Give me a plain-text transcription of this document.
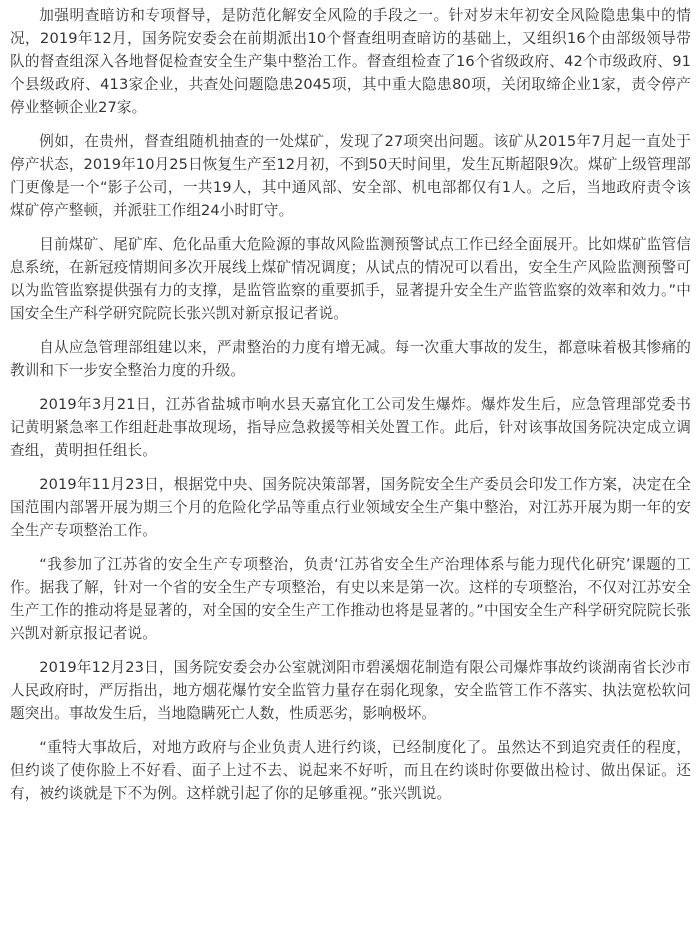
加强明查暗访和专项督导，是防范化解安全风险的手段之一。针对岁末年初安全风险隐患集中的情况，2019年12月，国务院安委会在前期派出10个督查组明查暗访的基础上，又组织16个由部级领导带队的督查组深入各地督促检查安全生产集中整治工作。督查组检查了16个省级政府、42个市级政府、91个县级政府、413家企业，共查处问题隐患2045项，其中重大隐患80项，关闭取缔企业1家，责令停产停业整顿企业27家。

例如，在贵州，督查组随机抽查的一处煤矿，发现了27项突出问题。该矿从2015年7月起一直处于停产状态，2019年10月25日恢复生产至12月初，不到50天时间里，发生瓦斯超限9次。煤矿上级管理部门更像是一个“影子公司，一共19人，其中通风部、安全部、机电部都仅有1人。之后，当地政府责令该煤矿停产整顿，并派驻工作组24小时盯守。

目前煤矿、尾矿库、危化品重大危险源的事故风险监测预警试点工作已经全面展开。比如煤矿监管信息系统，在新冠疫情期间多次开展线上煤矿情况调度；从试点的情况可以看出，安全生产风险监测预警可以为监管监察提供强有力的支撑，是监管监察的重要抓手，显著提升安全生产监管监察的效率和效力。”中国安全生产科学研究院院长张兴凯对新京报记者说。

自从应急管理部组建以来，严肃整治的力度有增无减。每一次重大事故的发生，都意味着极其惨痛的教训和下一步安全整治力度的升级。

2019年3月21日，江苏省盐城市响水县天嘉宜化工公司发生爆炸。爆炸发生后，应急管理部党委书记黄明紧急率工作组赶赴事故现场，指导应急救援等相关处置工作。此后，针对该事故国务院决定成立调查组，黄明担任组长。

2019年11月23日，根据党中央、国务院决策部署，国务院安全生产委员会印发工作方案，决定在全国范围内部署开展为期三个月的危险化学品等重点行业领域安全生产集中整治，对江苏开展为期一年的安全生产专项整治工作。

“我参加了江苏省的安全生产专项整治，负责‘江苏省安全生产治理体系与能力现代化研究’课题的工作。据我了解，针对一个省的安全生产专项整治，有史以来是第一次。这样的专项整治，不仅对江苏安全生产工作的推动将是显著的，对全国的安全生产工作推动也将是显著的。”中国安全生产科学研究院院长张兴凯对新京报记者说。

2019年12月23日，国务院安委会办公室就浏阳市碧溪烟花制造有限公司爆炸事故约谈湖南省长沙市人民政府时，严厉指出，地方烟花爆竹安全监管力量存在弱化现象，安全监管工作不落实、执法宽松软问题突出。事故发生后，当地隐瞒死亡人数，性质恶劣，影响极坏。

“重特大事故后，对地方政府与企业负责人进行约谈，已经制度化了。虽然达不到追究责任的程度，但约谈了使你脸上不好看、面子上过不去、说起来不好听，而且在约谈时你要做出检讨、做出保证。还有，被约谈就是下不为例。这样就引起了你的足够重视。”张兴凯说。
